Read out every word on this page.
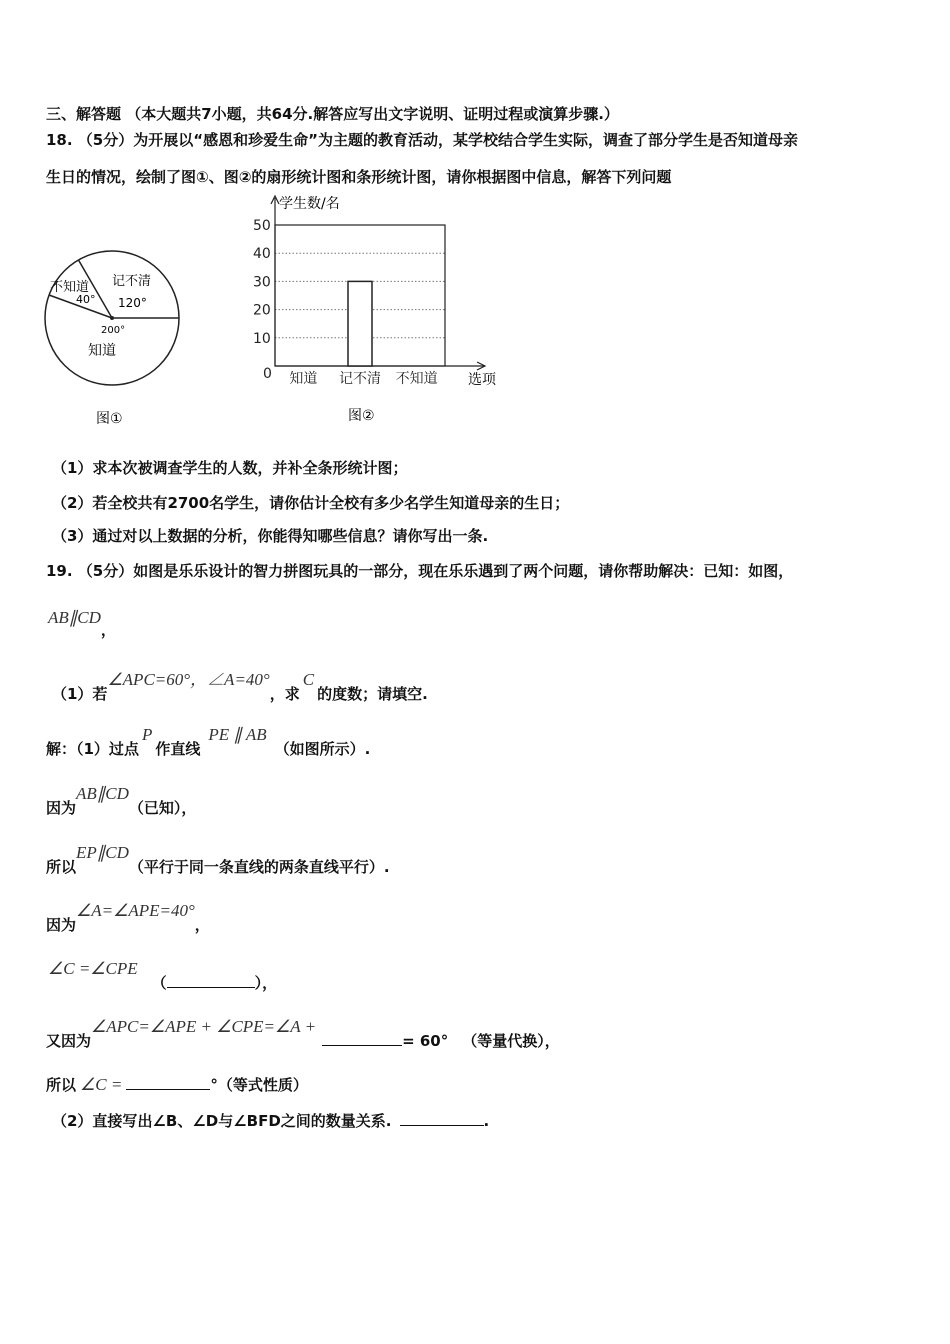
三、解答题 （本大题共7小题，共64分.解答应写出文字说明、证明过程或演算步骤.）
18. （5分）为开展以“感恩和珍爱生命”为主题的教育活动，某学校结合学生实际，调查了部分学生是否知道母亲
生日的情况，绘制了图①、图②的扇形统计图和条形统计图，请你根据图中信息，解答下列问题
记不清
120°
不知道
40°
200°
知道
图①
0
10
20
30
40
50
知道 记不清 不知道
学生数/名
选项
图②
（1）求本次被调查学生的人数，并补全条形统计图；
（2）若全校共有2700名学生，请你估计全校有多少名学生知道母亲的生日；
（3）通过对以上数据的分析，你能得知哪些信息？请你写出一条.
19. （5分）如图是乐乐设计的智力拼图玩具的一部分，现在乐乐遇到了两个问题，请你帮助解决：已知：如图，
AB∥CD，
（1）若∠APC=60°，∠A=40°，求C的度数；请填空.
解：（1）过点P作直线PE ∥ AB（如图所示）.
因为AB∥CD（已知），
所以EP∥CD（平行于同一条直线的两条直线平行）.
因为∠A=∠APE=40°，
∠C =∠CPE（	），
又因为∠APC=∠APE + ∠CPE=∠A += 60° （等量代换），
所以 ∠C =	°（等式性质）
（2）直接写出∠B、∠D与∠BFD之间的数量关系.	.
